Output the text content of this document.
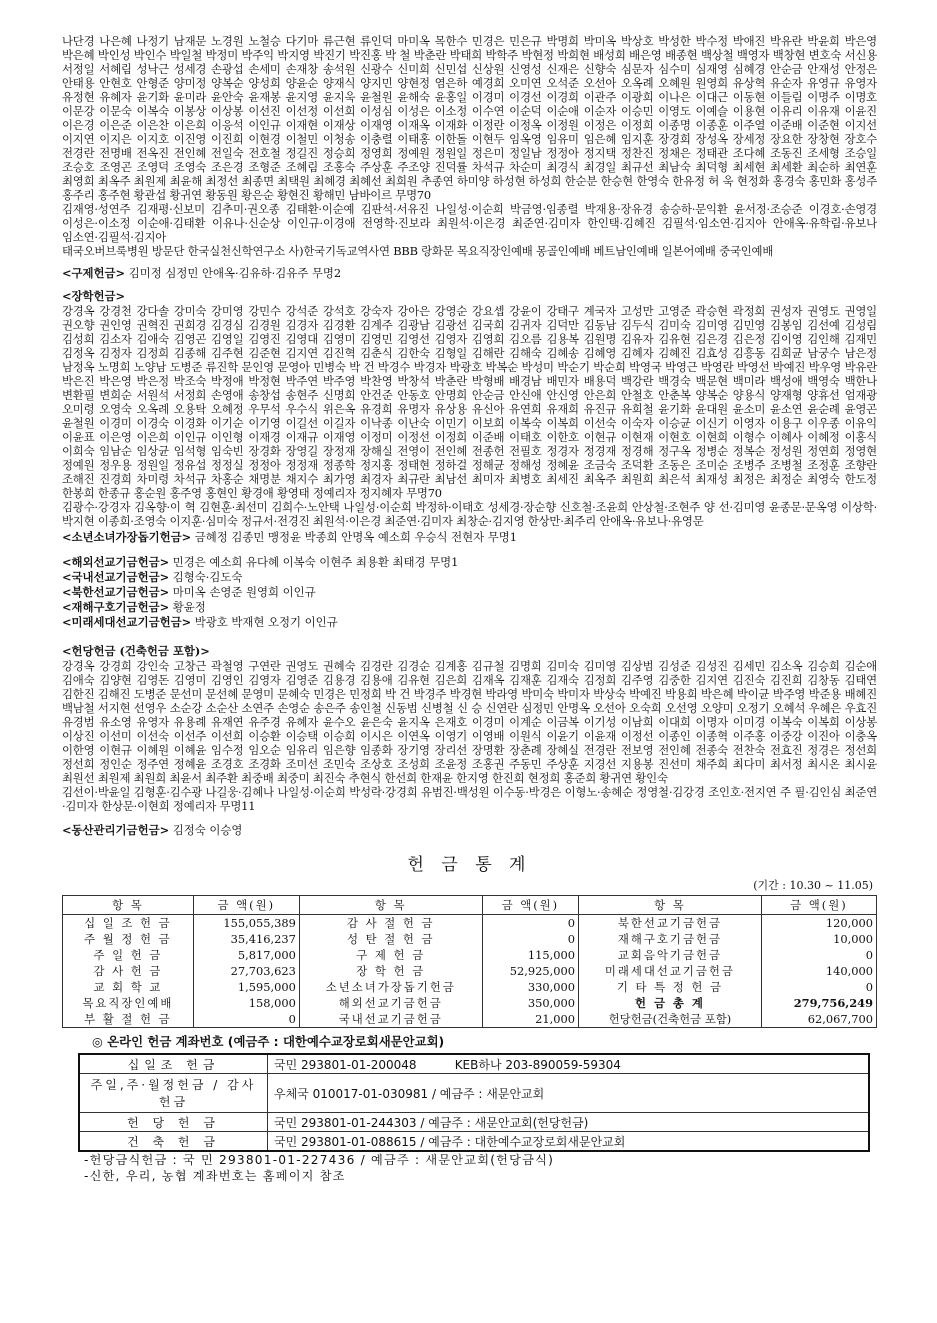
나단경 나은혜 나정기 남재문 노경원 노철승 다기마 류근현 류인덕 마미옥 목한수 민경은 민은규 박명희 박미옥 박상호 박성한 박수정 박애진 박유란 박윤희 박은영 박은혜 박인성 박인수 박일철 박정미 박주익 박지영 박진기 박진홍 박 철 박춘란 박태희 박학주 박현정 박희현 배성희 배은영 배종현 백상철 백영자 백창현 변호숙 서신용 서정일 서혜림 성낙근 성세경 손광섭 손세미 손재창 송석원 신광수 신미희 신민섭 신상원 신영성 신재은 신향숙 심문자 심수미 심재영 심혜경 안순금 안재성 안정은 안태용 안현호 안형준 양미정 양복순 양성희 양윤순 양재식 양지민 양현정 염은하 예경희 오미연 오석준 오선아 오옥례 오혜원 원영희 유상혁 유순자 유영규 유영자 유정현 유혜자 윤기화 윤미라 윤안숙 윤재봉 윤지영 윤지욱 윤철원 윤해숙 윤홍일 이경미 이경선 이경희 이관주 이광희 이나은 이대근 이동현 이들림 이명주 이명호 이문강 이문숙 이복숙 이봉상 이상봉 이선진 이선정 이선희 이성심 이성은 이소정 이수연 이순덕 이순애 이순자 이승민 이영도 이예슬 이용현 이유리 이유재 이윤진 이은경 이은준 이은찬 이은희 이응석 이인규 이재현 이재상 이재영 이재옥 이재화 이정란 이정옥 이정원 이정은 이정희 이종명 이종훈 이주열 이준배 이준현 이지선 이지연 이지은 이지호 이진영 이진희 이현경 이철민 이청송 이충렬 이태홍 이한돌 이현두 임옥영 임유미 임은혜 임지훈 장경희 장성옥 장세정 장요한 장창현 장호수 전경란 전명배 전옥진 전인혜 전일숙 전호철 정길진 정승희 정영희 정예원 정원일 정은미 정일남 정정아 정지택 정찬진 정채은 정태관 조다혜 조동진 조세형 조승일 조승호 조영곤 조영덕 조영숙 조은경 조형준 조혜림 조홍숙 주상훈 주조양 진덕률 차석규 차순미 최경식 최경일 최규선 최남숙 최덕형 최세현 최세환 최순하 최연훈 최영희 최옥주 최원제 최윤해 최정선 최종면 최택원 최혜경 최혜선 최희원 추종연 하미양 하성현 하성희 한순분 한승현 한영숙 한유정 허 욱 현정화 홍경숙 홍민화 홍성주 홍주리 홍주현 황관섭 황귀연 황동원 황은순 황현진 황해민 남바이르 무명70
김재영·성연주 김재평·신보미 김추미·권오종 김태환·이순예 김판석·서유진 나일성·이순희 박금영·임종렬 박재용·장유경 송승하·문익환 윤서정·조승준 이경호·손영경 이성은·이소정 이순애·김태환 이유나·신순상 이인규·이경애 전영학·진보라 최원석·이은경 최준연·김미자 한인택·김혜진 김필석·임소연·김지아 안애옥·유학림·유보나 임소연·김필석·김지아
태국오버브룩병원 방문단 한국실천신학연구소 사)한국기독교역사연 BBB 랑화문 목요직장인예배 몽골인예배 베트남인예배 일본어예배 중국인예배
<구제헌금> 김미정 심정민 안애옥·김유하·김유주 무명2
<장학헌금>
강경옥 강경천 강다솔 강미숙 강미영 강민수 강석준 강석호 강숙자 강아은 강영순 강요셉 강윤이 강태구 계국자 고성만 고영준 곽승현 곽정희 권성자 권영도 권영일 권오향 권인영 권혁진 권희경 김경심 김경원 김경자 김경환 김계주 김광남 김광선 김국희 김귀자 김덕만 김동남 김두식 김미숙 김미영 김민영 김봉임 김선예 김성림 김성희 김소자 김애숙 김영곤 김영일 김영진 김영대 김영미 김영민 김영선 김영자 김영희 김오름 김용복 김원명 김유자 김유현 김은경 김은정 김이영 김인해 김재민 김정옥 김정자 김정희 김종해 김주현 김준현 김지연 김진혁 김춘식 김한숙 김형일 김해란 김해숙 김혜송 김혜영 김혜자 김혜진 김효성 김흥동 김희균 남궁수 남은정 남정옥 노명희 노양남 도병준 류진학 문인영 문영아 민병숙 박 건 박경수 박경자 박광호 박복순 박성미 박순기 박순희 박영국 박영근 박영란 박영선 박예진 박우영 박유란 박은진 박은영 박은정 박조숙 박정애 박정현 박주연 박주영 박찬영 박창석 박춘란 박형배 배경남 배민자 배용덕 백강란 백경숙 백문현 백미라 백성애 백영숙 백한나 변환필 변희순 서원석 서정희 손영애 송창섭 송현주 신명희 안건준 안동호 안명희 안순금 안신애 안신영 안은희 안철호 안춘복 양복순 양용식 양재형 양휴선 엄재광 오미령 오영숙 오옥례 오용탁 오혜정 우무석 우수식 위은옥 유경희 유명자 유상용 유신아 유연희 유재희 유진규 유희철 윤기화 윤대원 윤소미 윤소연 윤순례 윤영곤 윤철원 이경미 이경숙 이경화 이기순 이기영 이길선 이길자 이낙종 이난숙 이민기 이보희 이복숙 이복희 이선숙 이숙자 이승균 이신기 이영자 이용구 이우종 이유익 이윤표 이은영 이은희 이인규 이인형 이재경 이재규 이재영 이정미 이정선 이정희 이준배 이태호 이한호 이현규 이현재 이현호 이현희 이형수 이혜사 이혜정 이홍식 이희숙 임남순 임상균 임석형 임숙빈 장경화 장영길 장정재 장해실 전영이 전인혜 전종헌 전필호 정경자 정경재 정경해 정구옥 정병순 정복순 정성원 정연희 정영현 정예원 정우용 정원일 정유섭 정정실 정정아 정정재 정종학 정지홍 정태현 정하걸 정해균 정해성 정혜윤 조금숙 조덕환 조동은 조미순 조병주 조병철 조정훈 조향란 조해진 진경희 차미령 차석규 차홍순 채명분 채지수 최가영 최경자 최규란 최남선 최미자 최병호 최세진 최옥주 최원희 최은석 최재성 최정은 최정순 최영숙 한도정 한봉희 한종규 홍순원 홍주영 홍현인 황경애 황영태 정예리자 정지혜자 무명70
김광수·강경자 김옥향·이 혁 김현훈·최선미 김희수·노안택 나일성·이순희 박정하·이태호 성세경·장순향 신호철·조윤희 안상철·조현주 양 선·김미영 윤종문·문옥영 이상학·박지현 이종희·조영숙 이지훈·심미숙 정규서·전경진 최원석·이은경 최준연·김미자 최창순·김지영 한상만·최주리 안애옥·유보나·유영문
<소년소녀가장돕기헌금> 금혜정 김종민 맹정윤 박종희 안명옥 예소희 우승식 전현자 무명1
<해외선교기금헌금> 민경은 예소희 유다혜 이복숙 이현주 최용환 최태경 무명1
<국내선교기금헌금> 김형숙·김도숙
<북한선교기금헌금> 마미옥 손영준 원영희 이인규
<재해구호기금헌금> 황윤정
<미래세대선교기금헌금> 박광호 박재현 오정기 이인규
<헌당헌금 (건축헌금 포함)>
강경옥 강경희 강인숙 고창근 곽철영 구연란 권영도 권혜숙 김경란 김경순 김계홍 김규철 김명희 김미숙 김미영 김상범 김성준 김성진 김세민 김소옥 김승희 김순애 김애숙 김양현 김영돈 김영미 김영인 김영자 김영준 김용경 김용애 김유현 김은희 김재옥 김재훈 김재숙 김정희 김주영 김중한 김지연 김진숙 김진희 김창동 김태연 김한진 김해진 도병준 문선미 문선혜 문영미 문혜숙 민경은 민정희 박 건 박경주 박경현 박라영 박미숙 박미자 박상숙 박예진 박용희 박은혜 박이균 박주영 박준용 배혜진 백남철 서지현 선영우 소순강 소순산 소연주 손영순 송은주 송인철 신동범 신병철 신 승 신연란 심정민 안명옥 오선아 오숙희 오선영 오양미 오정기 오혜석 우혜은 우효진 유경범 유소영 유영자 유용례 유재연 유주경 유혜자 윤수오 윤은숙 윤지옥 은재호 이경미 이계순 이금복 이기성 이남희 이대희 이명자 이미경 이복숙 이복희 이상봉 이상진 이선미 이선숙 이선주 이선희 이승환 이승택 이승희 이시은 이연옥 이영기 이영배 이원식 이윤기 이윤재 이정선 이종인 이종혁 이주홍 이중강 이진아 이충옥 이한영 이현규 이혜원 이혜윤 임수정 임오순 임유리 임은향 임종화 장기영 장리선 장명환 장춘례 장혜실 전경란 전보영 전인혜 전종숙 전찬숙 전효진 정경은 정선희 정선희 정인순 정주연 정혜윤 조경호 조경화 조미선 조민숙 조상호 조성희 조윤정 조홍권 주동민 주상훈 지경선 지용봉 진선미 채주희 최다미 최서정 최시온 최시윤 최원선 최원제 최원희 최윤서 최주환 최중배 최중미 최진숙 추현식 한선희 한재윤 한지영 한진희 현정희 홍준희 황귀연 황인숙
김선이·박윤일 김형훈·김수광 나길웅·김혜나 나일성·이순희 박성락·강경희 유범진·백성원 이수동·박경은 이형노·송혜순 정영철·김강경 조인호·전지연 주 필·김인심 최준연·김미자 한상문·이현희 정예리자 무명11
<동산관리기금헌금> 김정숙 이승영
헌 금 통 계
(기간 : 10.30 ~ 11.05)
항 목	금 액(원)	항 목	금 액(원)	항 목	금 액(원)
십 일 조 헌 금	155,055,389	감 사 절 헌 금	0	북한선교기금헌금	120,000
주 월 정 헌 금	35,416,237	성 탄 절 헌 금	0	재해구호기금헌금	10,000
주 일 헌 금	5,817,000	구 제 헌 금	115,000	교회음악기금헌금	0
감 사 헌 금	27,703,623	장 학 헌 금	52,925,000	미래세대선교기금헌금	140,000
교 회 학 교	1,595,000	소년소녀가장돕기헌금	330,000	기 타 특 정 헌 금	0
목요직장인예배	158,000	해외선교기금헌금	350,000	헌 금 총 계	279,756,249
부 활 절 헌 금	0	국내선교기금헌금	21,000	헌당헌금(건축헌금 포함)	62,067,700
◎ 온라인 헌금 계좌번호 (예금주 : 대한예수교장로회새문안교회)
십일조 헌금	국민 293801-01-200048          KEB하나 203-890059-59304
주일,주·월정헌금 / 감사헌금	우체국 010017-01-030981 / 예금주 : 새문안교회
헌 당 헌 금	국민 293801-01-244303 / 예금주 : 새문안교회(헌당헌금)
건 축 헌 금	국민 293801-01-088615 / 예금주 : 대한예수교장로회새문안교회
-헌당금식헌금 : 국 민 293801-01-227436 / 예금주 : 새문안교회(헌당금식)
-신한, 우리, 농협 계좌번호는 홈페이지 참조
